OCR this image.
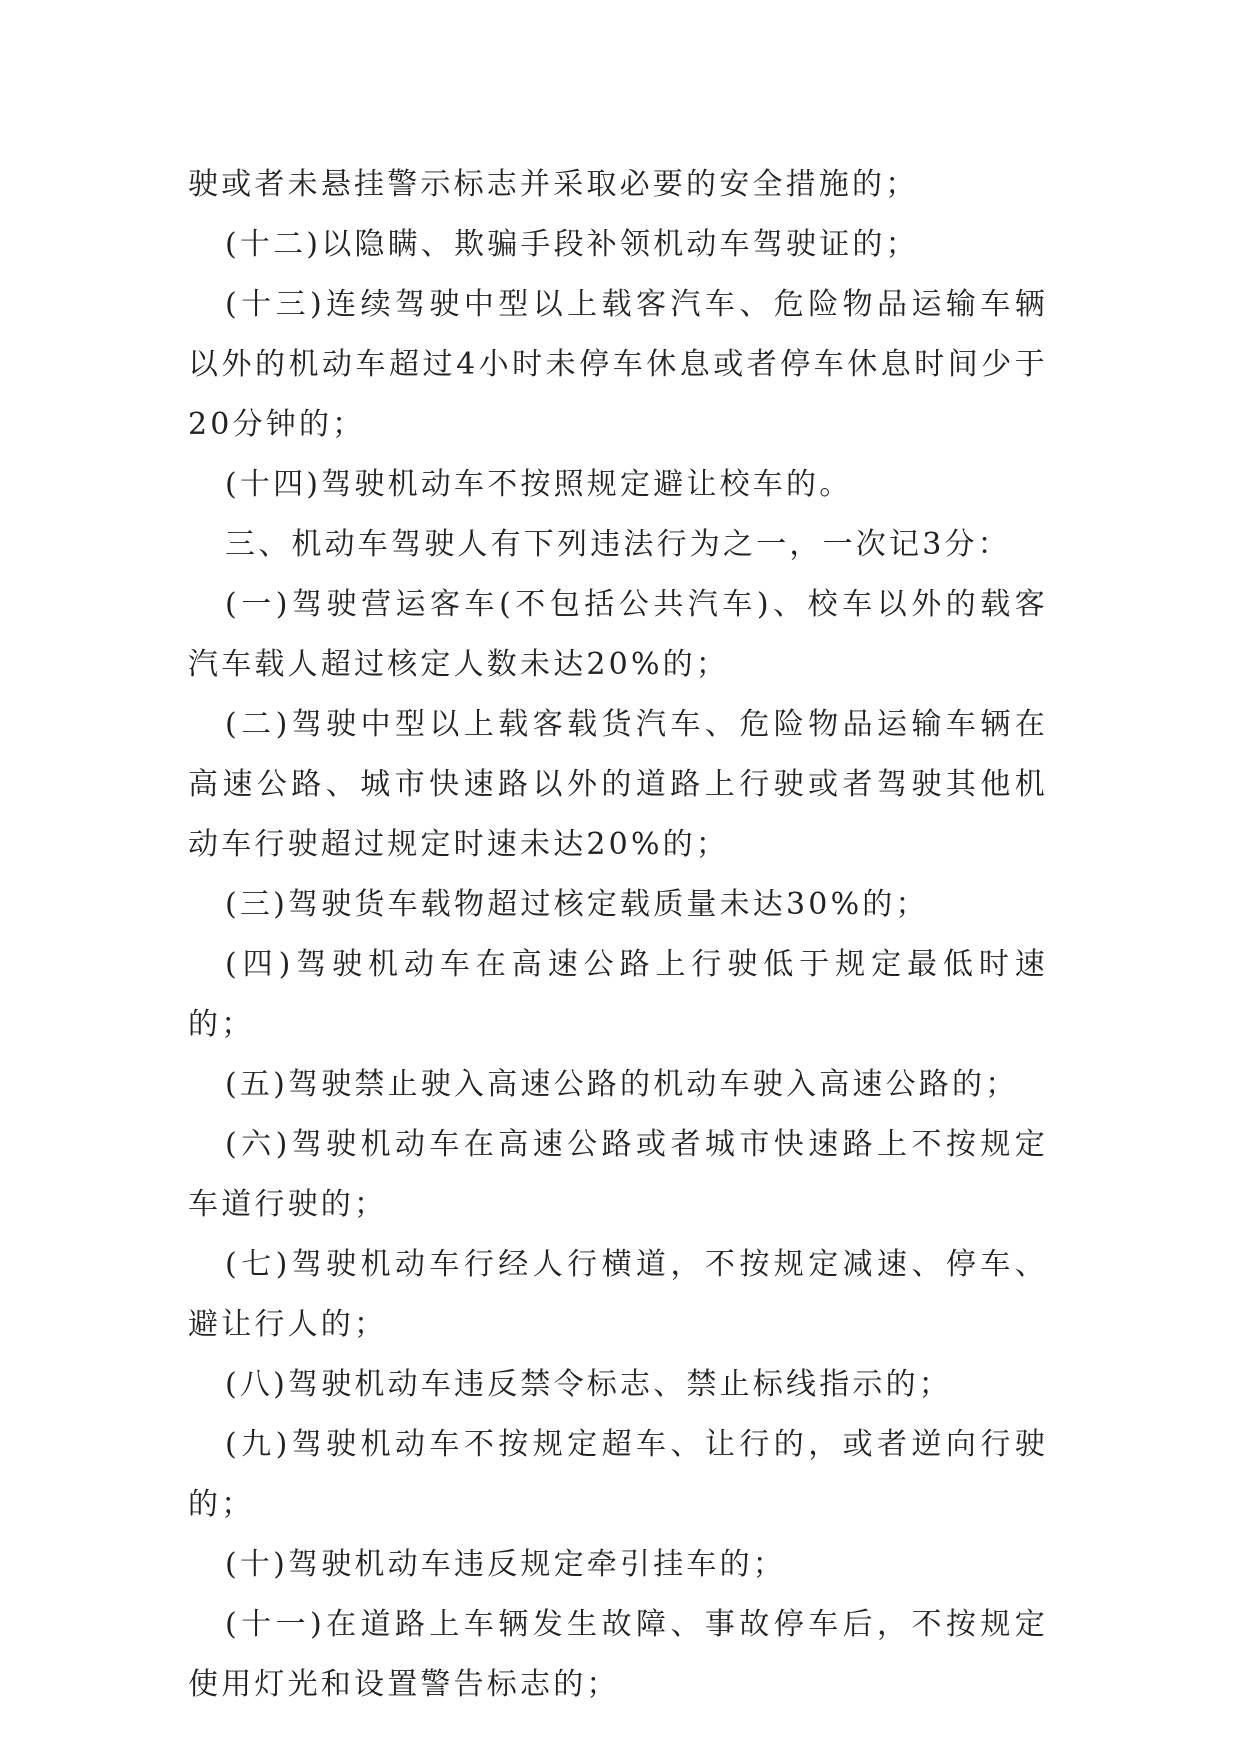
驶或者未悬挂警示标志并采取必要的安全措施的；

(十二)以隐瞒、欺骗手段补领机动车驾驶证的；

(十三)连续驾驶中型以上载客汽车、危险物品运输车辆以外的机动车超过4小时未停车休息或者停车休息时间少于20分钟的；

(十四)驾驶机动车不按照规定避让校车的。

三、机动车驾驶人有下列违法行为之一，一次记3分：

(一)驾驶营运客车(不包括公共汽车)、校车以外的载客汽车载人超过核定人数未达20%的；

(二)驾驶中型以上载客载货汽车、危险物品运输车辆在高速公路、城市快速路以外的道路上行驶或者驾驶其他机动车行驶超过规定时速未达20%的；

(三)驾驶货车载物超过核定载质量未达30%的；

(四)驾驶机动车在高速公路上行驶低于规定最低时速的；

(五)驾驶禁止驶入高速公路的机动车驶入高速公路的；

(六)驾驶机动车在高速公路或者城市快速路上不按规定车道行驶的；

(七)驾驶机动车行经人行横道，不按规定减速、停车、避让行人的；

(八)驾驶机动车违反禁令标志、禁止标线指示的；

(九)驾驶机动车不按规定超车、让行的，或者逆向行驶的；

(十)驾驶机动车违反规定牵引挂车的；

(十一)在道路上车辆发生故障、事故停车后，不按规定使用灯光和设置警告标志的；
